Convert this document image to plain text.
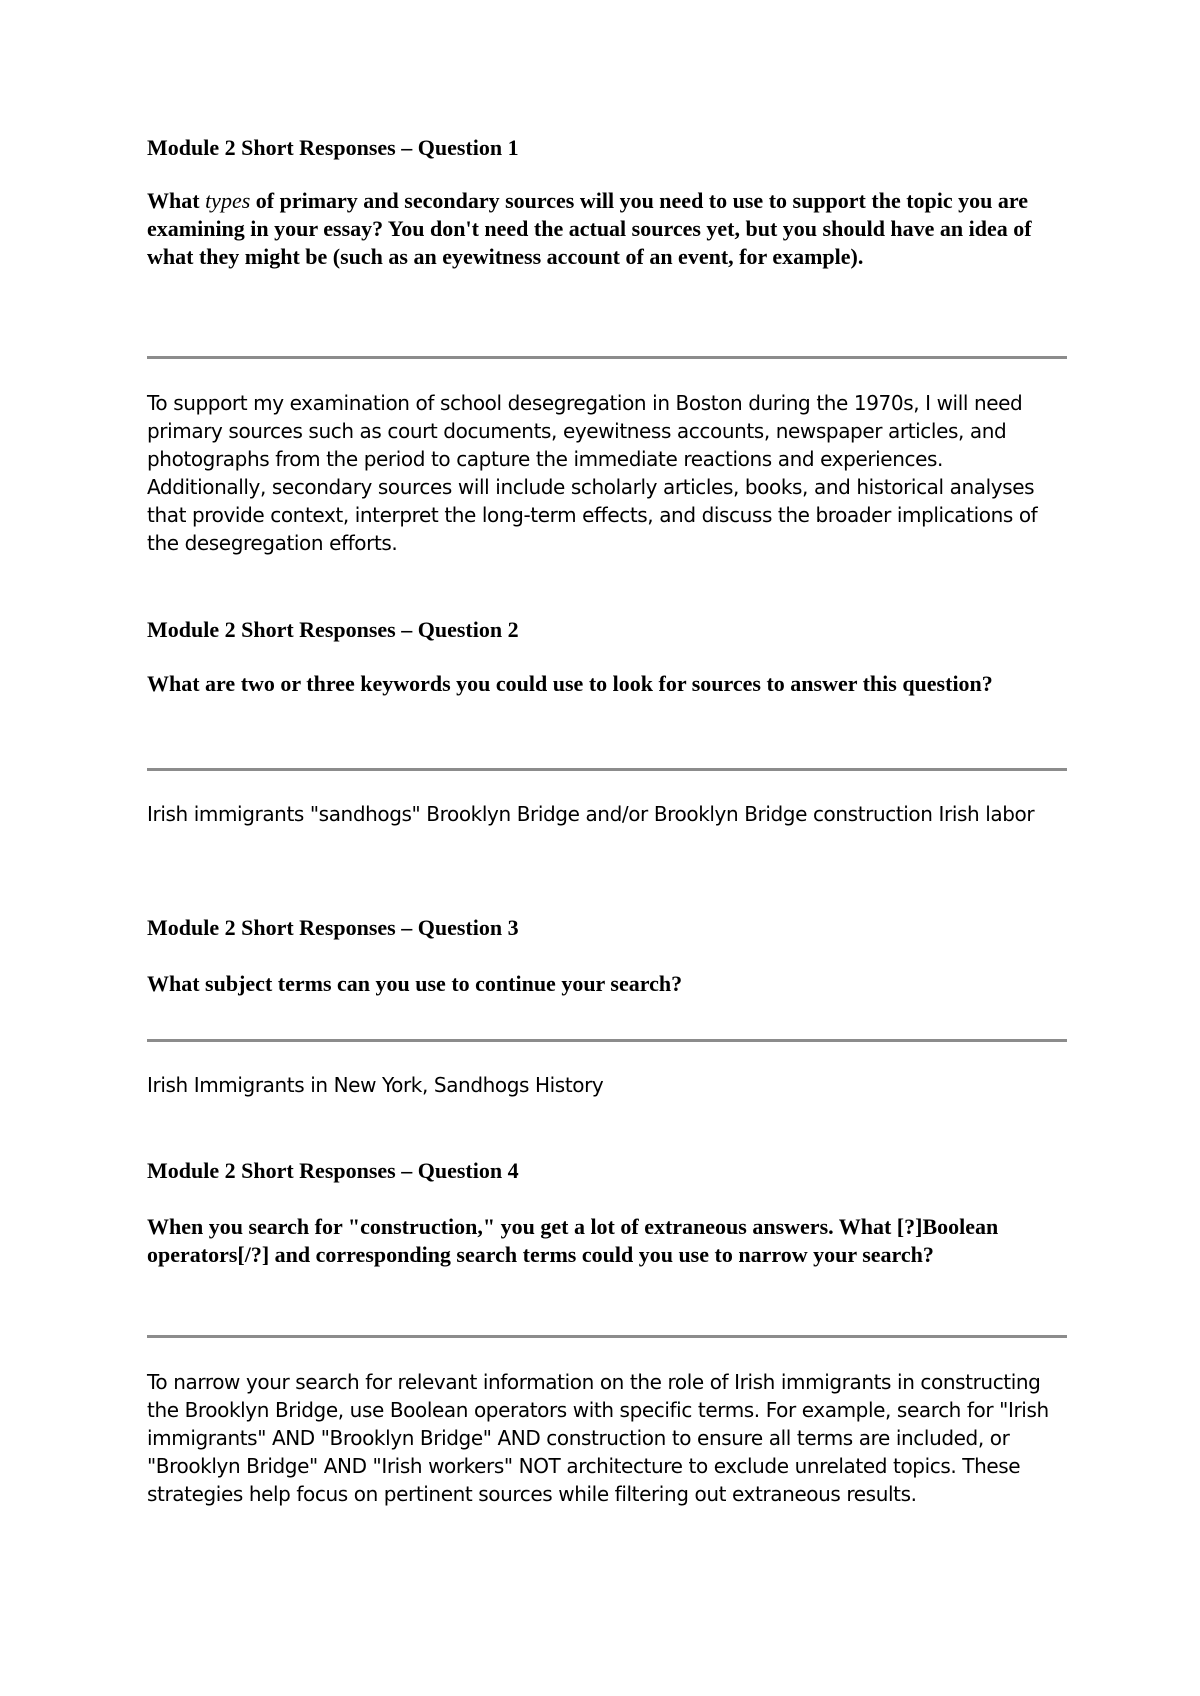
Module 2 Short Responses – Question 1

What types of primary and secondary sources will you need to use to support the topic you are examining in your essay? You don't need the actual sources yet, but you should have an idea of what they might be (such as an eyewitness account of an event, for example).

To support my examination of school desegregation in Boston during the 1970s, I will need primary sources such as court documents, eyewitness accounts, newspaper articles, and photographs from the period to capture the immediate reactions and experiences. Additionally, secondary sources will include scholarly articles, books, and historical analyses that provide context, interpret the long-term effects, and discuss the broader implications of the desegregation efforts.

Module 2 Short Responses – Question 2

What are two or three keywords you could use to look for sources to answer this question?

Irish immigrants "sandhogs" Brooklyn Bridge and/or Brooklyn Bridge construction Irish labor

Module 2 Short Responses – Question 3

What subject terms can you use to continue your search?

Irish Immigrants in New York, Sandhogs History

Module 2 Short Responses – Question 4

When you search for "construction," you get a lot of extraneous answers. What [?]Boolean operators[/?] and corresponding search terms could you use to narrow your search?

To narrow your search for relevant information on the role of Irish immigrants in constructing the Brooklyn Bridge, use Boolean operators with specific terms. For example, search for "Irish immigrants" AND "Brooklyn Bridge" AND construction to ensure all terms are included, or "Brooklyn Bridge" AND "Irish workers" NOT architecture to exclude unrelated topics. These strategies help focus on pertinent sources while filtering out extraneous results.
